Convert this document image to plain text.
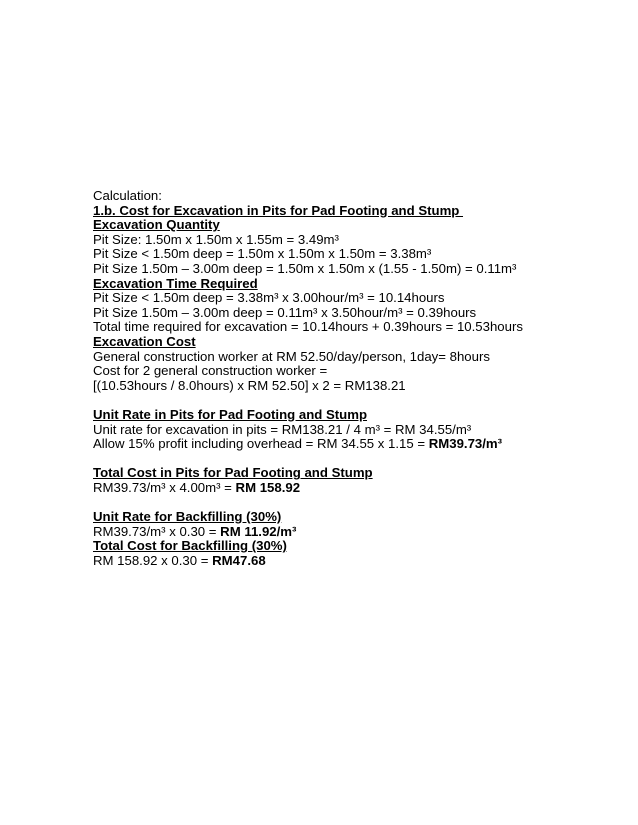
Calculation:
1.b. Cost for Excavation in Pits for Pad Footing and Stump
Excavation Quantity
Pit Size: 1.50m x 1.50m x 1.55m = 3.49m³
Pit Size < 1.50m deep = 1.50m x 1.50m x 1.50m = 3.38m³
Pit Size 1.50m – 3.00m deep = 1.50m x 1.50m x (1.55 - 1.50m) = 0.11m³
Excavation Time Required
Pit Size < 1.50m deep = 3.38m³ x 3.00hour/m³ = 10.14hours
Pit Size 1.50m – 3.00m deep = 0.11m³ x 3.50hour/m³ = 0.39hours
Total time required for excavation = 10.14hours + 0.39hours = 10.53hours
Excavation Cost
General construction worker at RM 52.50/day/person, 1day= 8hours
Cost for 2 general construction worker =
[(10.53hours / 8.0hours) x RM 52.50] x 2 = RM138.21
Unit Rate in Pits for Pad Footing and Stump
Unit rate for excavation in pits = RM138.21 / 4 m³ = RM 34.55/m³
Allow 15% profit including overhead = RM 34.55 x 1.15 = RM39.73/m³
Total Cost in Pits for Pad Footing and Stump
RM39.73/m³ x 4.00m³ = RM 158.92
Unit Rate for Backfilling (30%)
RM39.73/m³ x 0.30 = RM 11.92/m³
Total Cost for Backfilling (30%)
RM 158.92 x 0.30 = RM47.68
